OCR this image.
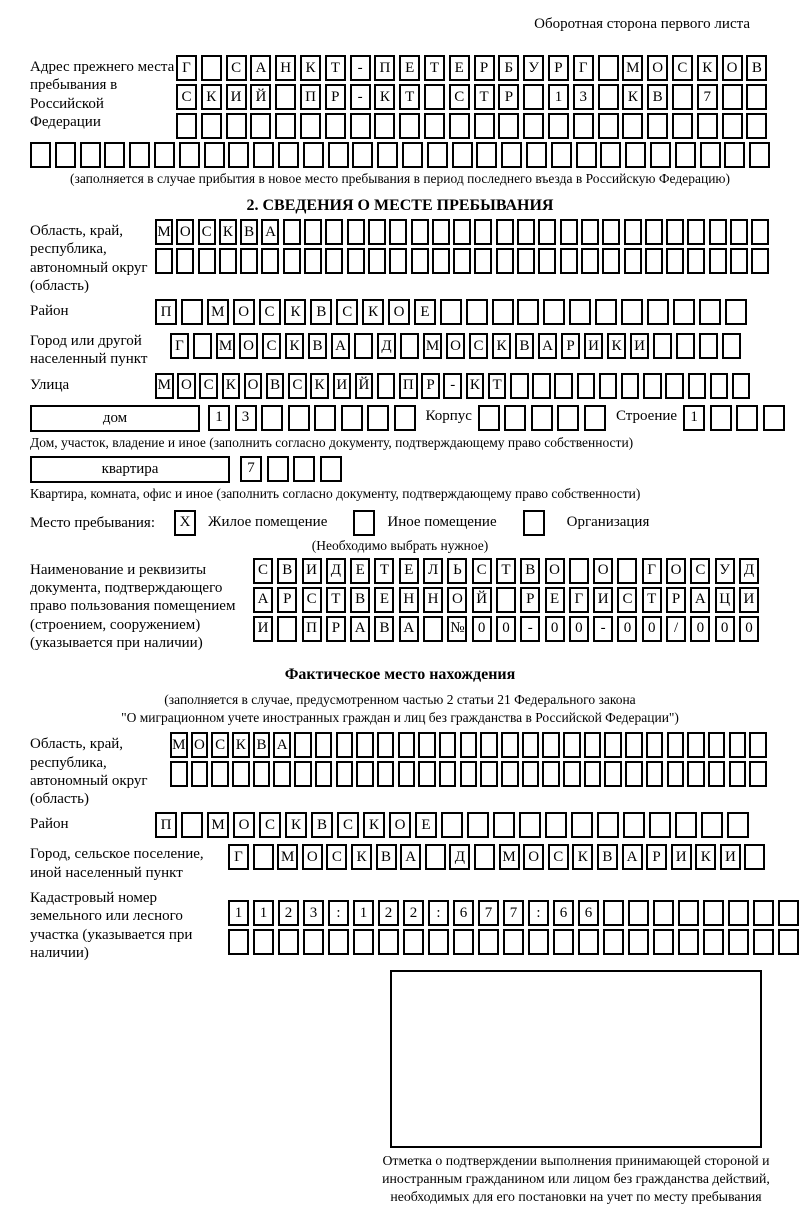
Оборотная сторона первого листа
Адрес прежнего места пребывания в Российской Федерации
Г	С А Н К	Т	-	П Е	Т	Е	Р	Б	У	Р	Г	М О С К О В
С К И Й	П	Р	-	К	Т	С	Т	Р	1	3	К В	7
(заполняется в случае прибытия в новое место пребывания в период последнего въезда в Российскую Федерацию)
2. СВЕДЕНИЯ О МЕСТЕ ПРЕБЫВАНИЯ
Область, край, республика, автономный округ (область)
М О С К В А
Район	П	М О	С	К	В	С	К	О	Е
Город или другой населенный пункт
Г	М О С К В А Д М О С К В А Р И К И
Улица	М О С К О В С К И Й П Р	- К Т
дом	1	3	Корпус	Строение 1
Дом, участок, владение и иное (заполнить согласно документу, подтверждающему право собственности)
квартира	7
Квартира, комната, офис и иное (заполнить согласно документу, подтверждающему право собственности)
Место пребывания:	X	Жилое помещение	Иное помещение	Организация
(Необходимо выбрать нужное)
Наименование и реквизиты документа, подтверждающего право пользования помещением (строением, сооружением) (указывается при наличии)
С В И Д Е	Т	Е Л Ь С Т В О	О	Г О С У Д
А Р	С Т В Е Н Н О Й	Р	Е	Г И С Т	Р А Ц И
И	П Р А В А	№ 0	0	-	0	0	-	0	0	/	0	0	0
Фактическое место нахождения
(заполняется в случае, предусмотренном частью 2 статьи 21 Федерального закона
"О миграционном учете иностранных граждан и лиц без гражданства в Российской Федерации")
Область, край, республика, автономный округ (область)
М О С К В А
Район	П	М О	С	К	В	С	К	О	Е
Город, сельское поселение, иной населенный пункт
Г	М О С К В А	Д	М О С К В А	Р	И К И
Кадастровый номер земельного или лесного участка (указывается при наличии)
1	1	2	3	:	1	2	2	:	6	7	7	:	6	6
Отметка о подтверждении выполнения принимающей стороной и иностранным гражданином или лицом без гражданства действий, необходимых для его постановки на учет по месту пребывания
